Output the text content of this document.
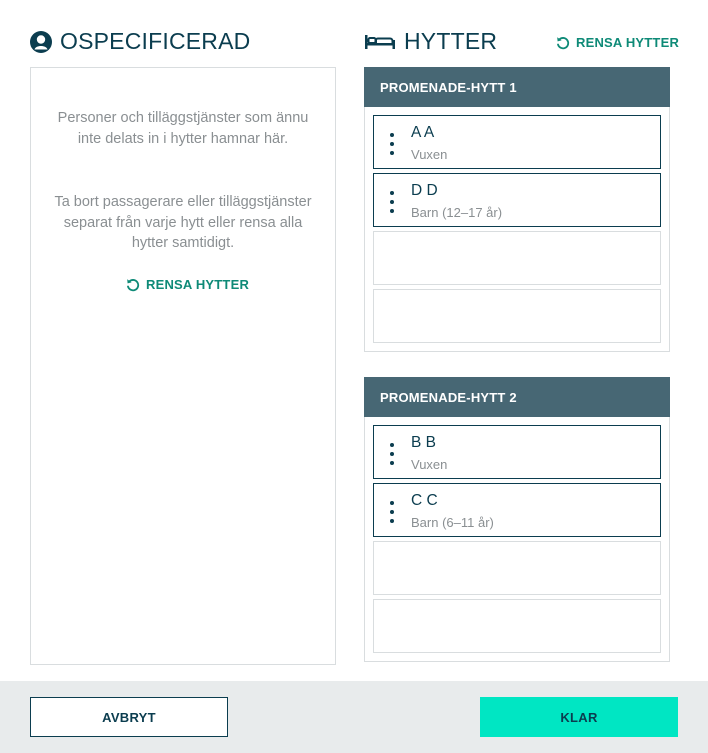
OSPECIFICERAD	HYTTER	RENSA HYTTER

Personer och tilläggstjänster som ännu inte delats in i hytter hamnar här.

Ta bort passagerare eller tilläggstjänster separat från varje hytt eller rensa alla hytter samtidigt.

RENSA HYTTER
PROMENADE-HYTT 1
A A
Vuxen
D D
Barn (12–17 år)
PROMENADE-HYTT 2
B B
Vuxen
C C
Barn (6–11 år)
AVBRYT	KLAR
